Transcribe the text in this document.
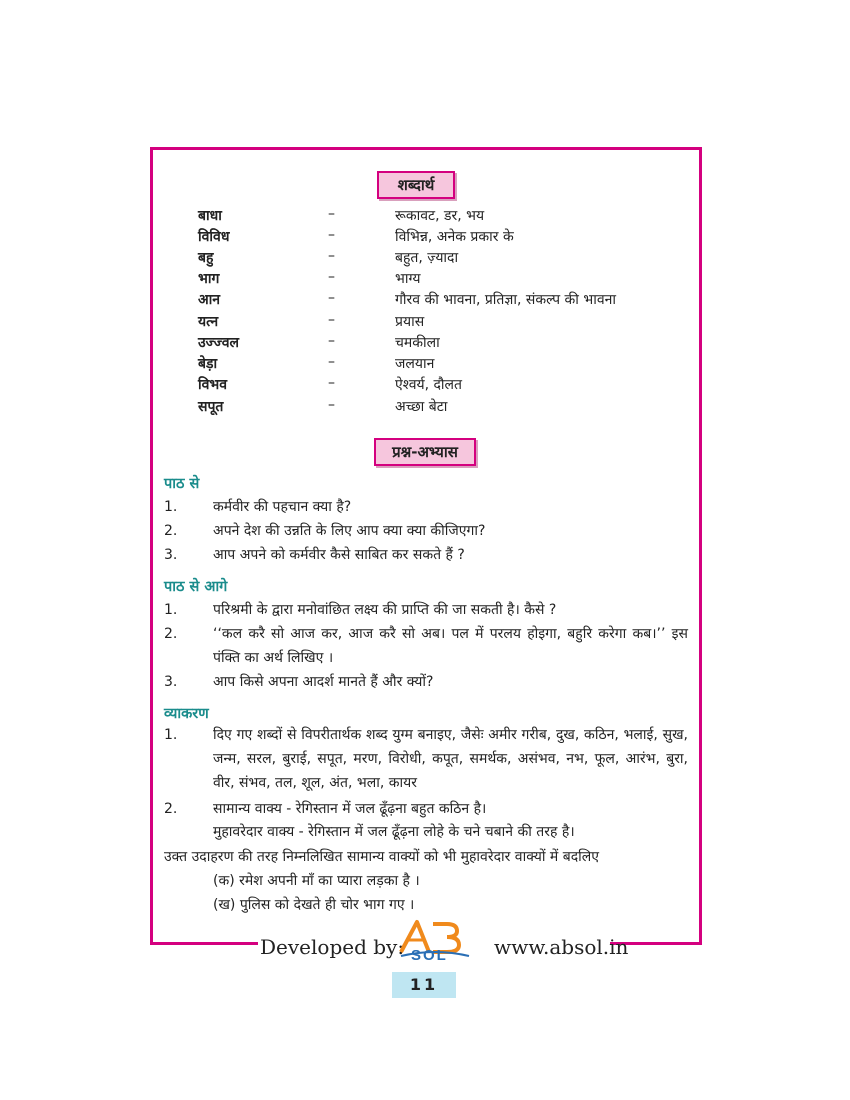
शब्दार्थ
बाधा	–	रूकावट, डर, भय
विविध	–	विभिन्न, अनेक प्रकार के
बहु	–	बहुत, ज़्यादा
भाग	–	भाग्य
आन	–	गौरव की भावना, प्रतिज्ञा, संकल्प की भावना
यत्न	–	प्रयास
उज्ज्वल	–	चमकीला
बेड़ा	–	जलयान
विभव	–	ऐश्वर्य, दौलत
सपूत	–	अच्छा बेटा
प्रश्न-अभ्यास
पाठ से
1.	कर्मवीर की पहचान क्या है?
2.	अपने देश की उन्नति के लिए आप क्या क्या कीजिएगा?
3.	आप अपने को कर्मवीर कैसे साबित कर सकते हैं ?
पाठ से आगे
1.	परिश्रमी के द्वारा मनोवांछित लक्ष्य की प्राप्ति की जा सकती है। कैसे ?
2.	‘‘कल करै सो आज कर, आज करै सो अब। पल में परलय होइगा, बहुरि करेगा कब।’’ इस पंक्ति का अर्थ लिखिए ।
3.	आप किसे अपना आदर्श मानते हैं और क्यों?
व्याकरण
1.	दिए गए शब्दों से विपरीतार्थक शब्द युग्म बनाइए, जैसेः अमीर गरीब, दुख, कठिन, भलाई, सुख, जन्म, सरल, बुराई, सपूत, मरण, विरोधी, कपूत, समर्थक, असंभव, नभ, फूल, आरंभ, बुरा, वीर, संभव, तल, शूल, अंत, भला, कायर
2.	सामान्य वाक्य - रेगिस्तान में जल ढूँढ़ना बहुत कठिन है।
मुहावरेदार वाक्य - रेगिस्तान में जल ढूँढ़ना लोहे के चने चबाने की तरह है।
उक्त उदाहरण की तरह निम्नलिखित सामान्य वाक्यों को भी मुहावरेदार वाक्यों में बदलिए
(क) रमेश अपनी माँ का प्यारा लड़का है ।
(ख) पुलिस को देखते ही चोर भाग गए ।
Developed by: SOL www.absol.in
11
